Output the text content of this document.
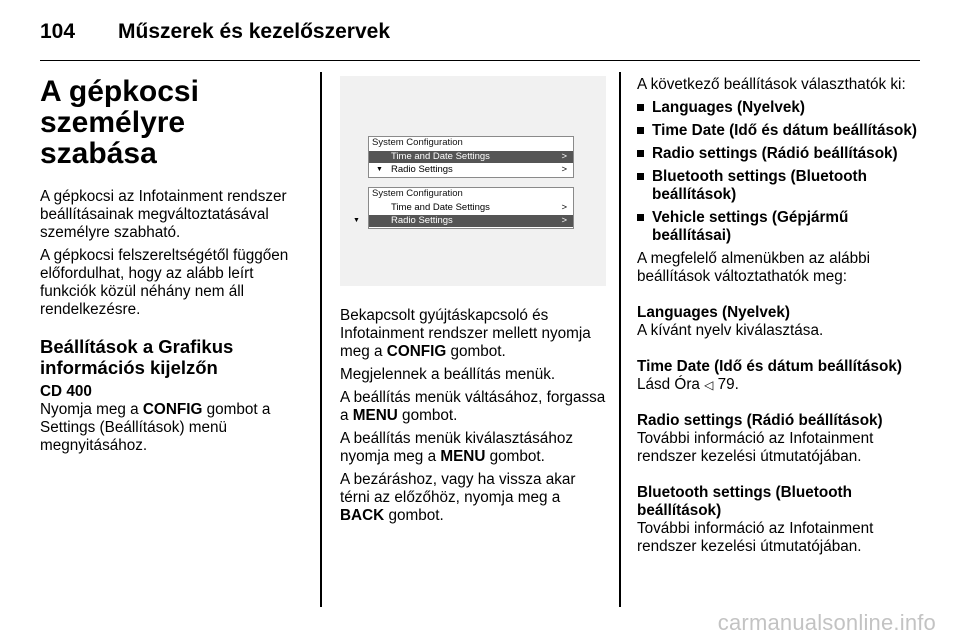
104 Műszerek és kezelőszervek
A gépkocsi személyre szabása

A gépkocsi az Infotainment rendszer beállításainak megváltoztatásával személyre szabható.

A gépkocsi felszereltségétől függően előfordulhat, hogy az alább leírt funkciók közül néhány nem áll rendelkezésre.

Beállítások a Grafikus információs kijelzőn
CD 400

Nyomja meg a CONFIG gombot a Settings (Beállítások) menü megnyitásához.

System Configuration
Time and Date Settings	>
▼ Radio Settings	>
System Configuration
Time and Date Settings	>
▼	Radio Settings	>

Bekapcsolt gyújtáskapcsoló és Infotainment rendszer mellett nyomja meg a CONFIG gombot.

Megjelennek a beállítás menük.

A beállítás menük váltásához, forgassa a MENU gombot.

A beállítás menük kiválasztásához nyomja meg a MENU gombot.

A bezáráshoz, vagy ha vissza akar térni az előzőhöz, nyomja meg a BACK gombot.

A következő beállítások választhatók ki:

Languages (Nyelvek)
Time Date (Idő és dátum beállítások)
Radio settings (Rádió beállítások)
Bluetooth settings (Bluetooth beállítások)
Vehicle settings (Gépjármű beállításai)

A megfelelő almenükben az alábbi beállítások változtathatók meg:

Languages (Nyelvek)

A kívánt nyelv kiválasztása.

Time Date (Idő és dátum beállítások)

Lásd Óra ◁ 79.

Radio settings (Rádió beállítások)

További információ az Infotainment rendszer kezelési útmutatójában.

Bluetooth settings (Bluetooth beállítások)

További információ az Infotainment rendszer kezelési útmutatójában.

carmanualsonline.info
